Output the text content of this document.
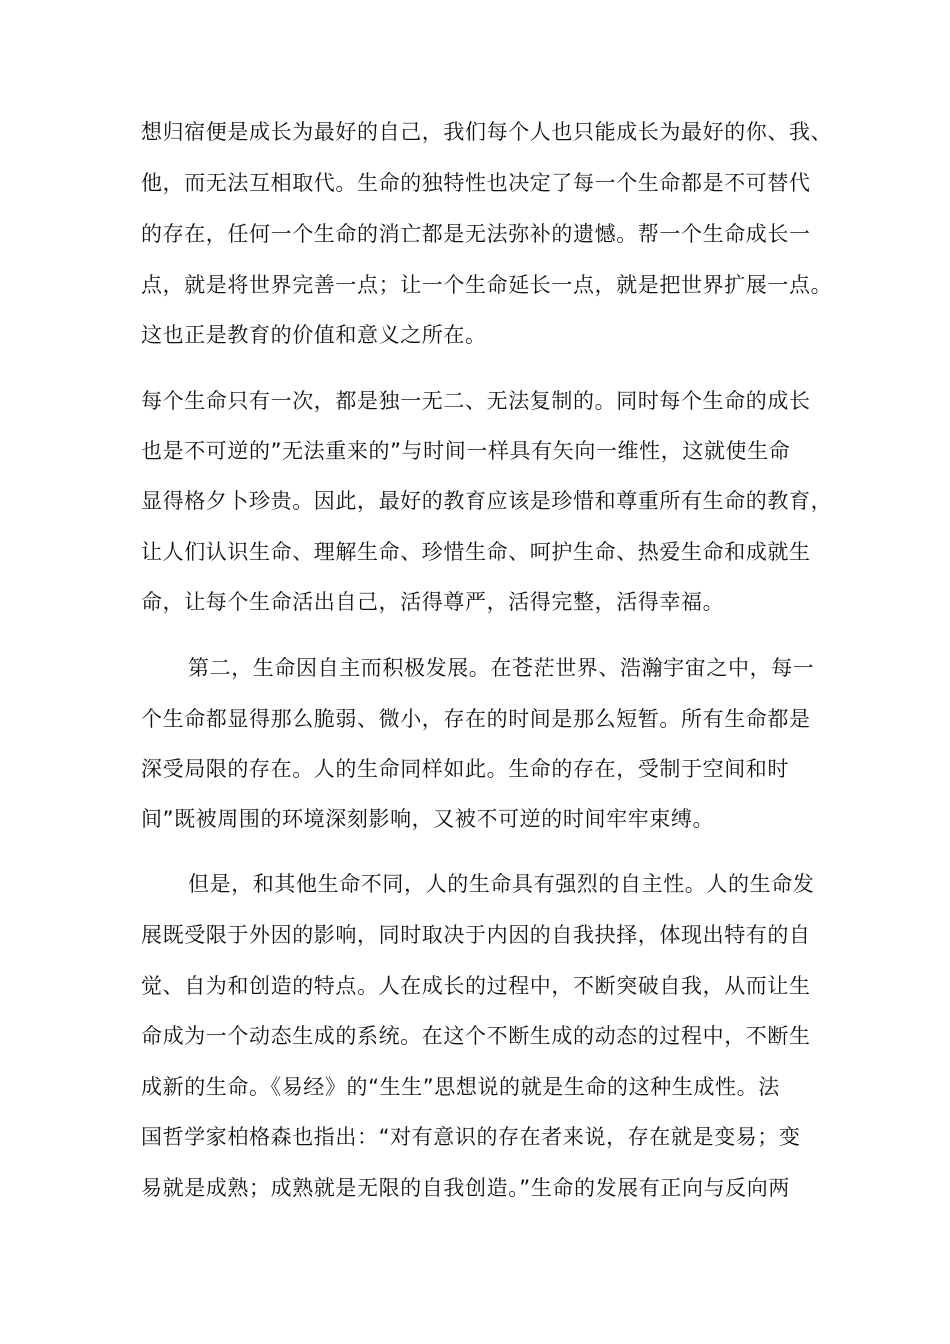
想归宿便是成长为最好的自己，我们每个人也只能成长为最好的你、我、

他，而无法互相取代。生命的独特性也决定了每一个生命都是不可替代

的存在，任何一个生命的消亡都是无法弥补的遗憾。帮一个生命成长一

点，就是将世界完善一点；让一个生命延长一点，就是把世界扩展一点。

这也正是教育的价值和意义之所在。

每个生命只有一次，都是独一无二、无法复制的。同时每个生命的成长

也是不可逆的”无法重来的”与时间一样具有矢向一维性，这就使生命

显得格夕卜珍贵。因此，最好的教育应该是珍惜和尊重所有生命的教育，

让人们认识生命、理解生命、珍惜生命、呵护生命、热爱生命和成就生

命，让每个生命活出自己，活得尊严，活得完整，活得幸福。

第二，生命因自主而积极发展。在苍茫世界、浩瀚宇宙之中，每一

个生命都显得那么脆弱、微小，存在的时间是那么短暂。所有生命都是

深受局限的存在。人的生命同样如此。生命的存在，受制于空间和时

间”既被周围的环境深刻影响，又被不可逆的时间牢牢束缚。

但是，和其他生命不同，人的生命具有强烈的自主性。人的生命发

展既受限于外因的影响，同时取决于内因的自我抉择，体现出特有的自

觉、自为和创造的特点。人在成长的过程中，不断突破自我，从而让生

命成为一个动态生成的系统。在这个不断生成的动态的过程中，不断生

成新的生命。《易经》的“生生”思想说的就是生命的这种生成性。法

国哲学家柏格森也指出：“对有意识的存在者来说，存在就是变易；变

易就是成熟；成熟就是无限的自我创造。”生命的发展有正向与反向两
